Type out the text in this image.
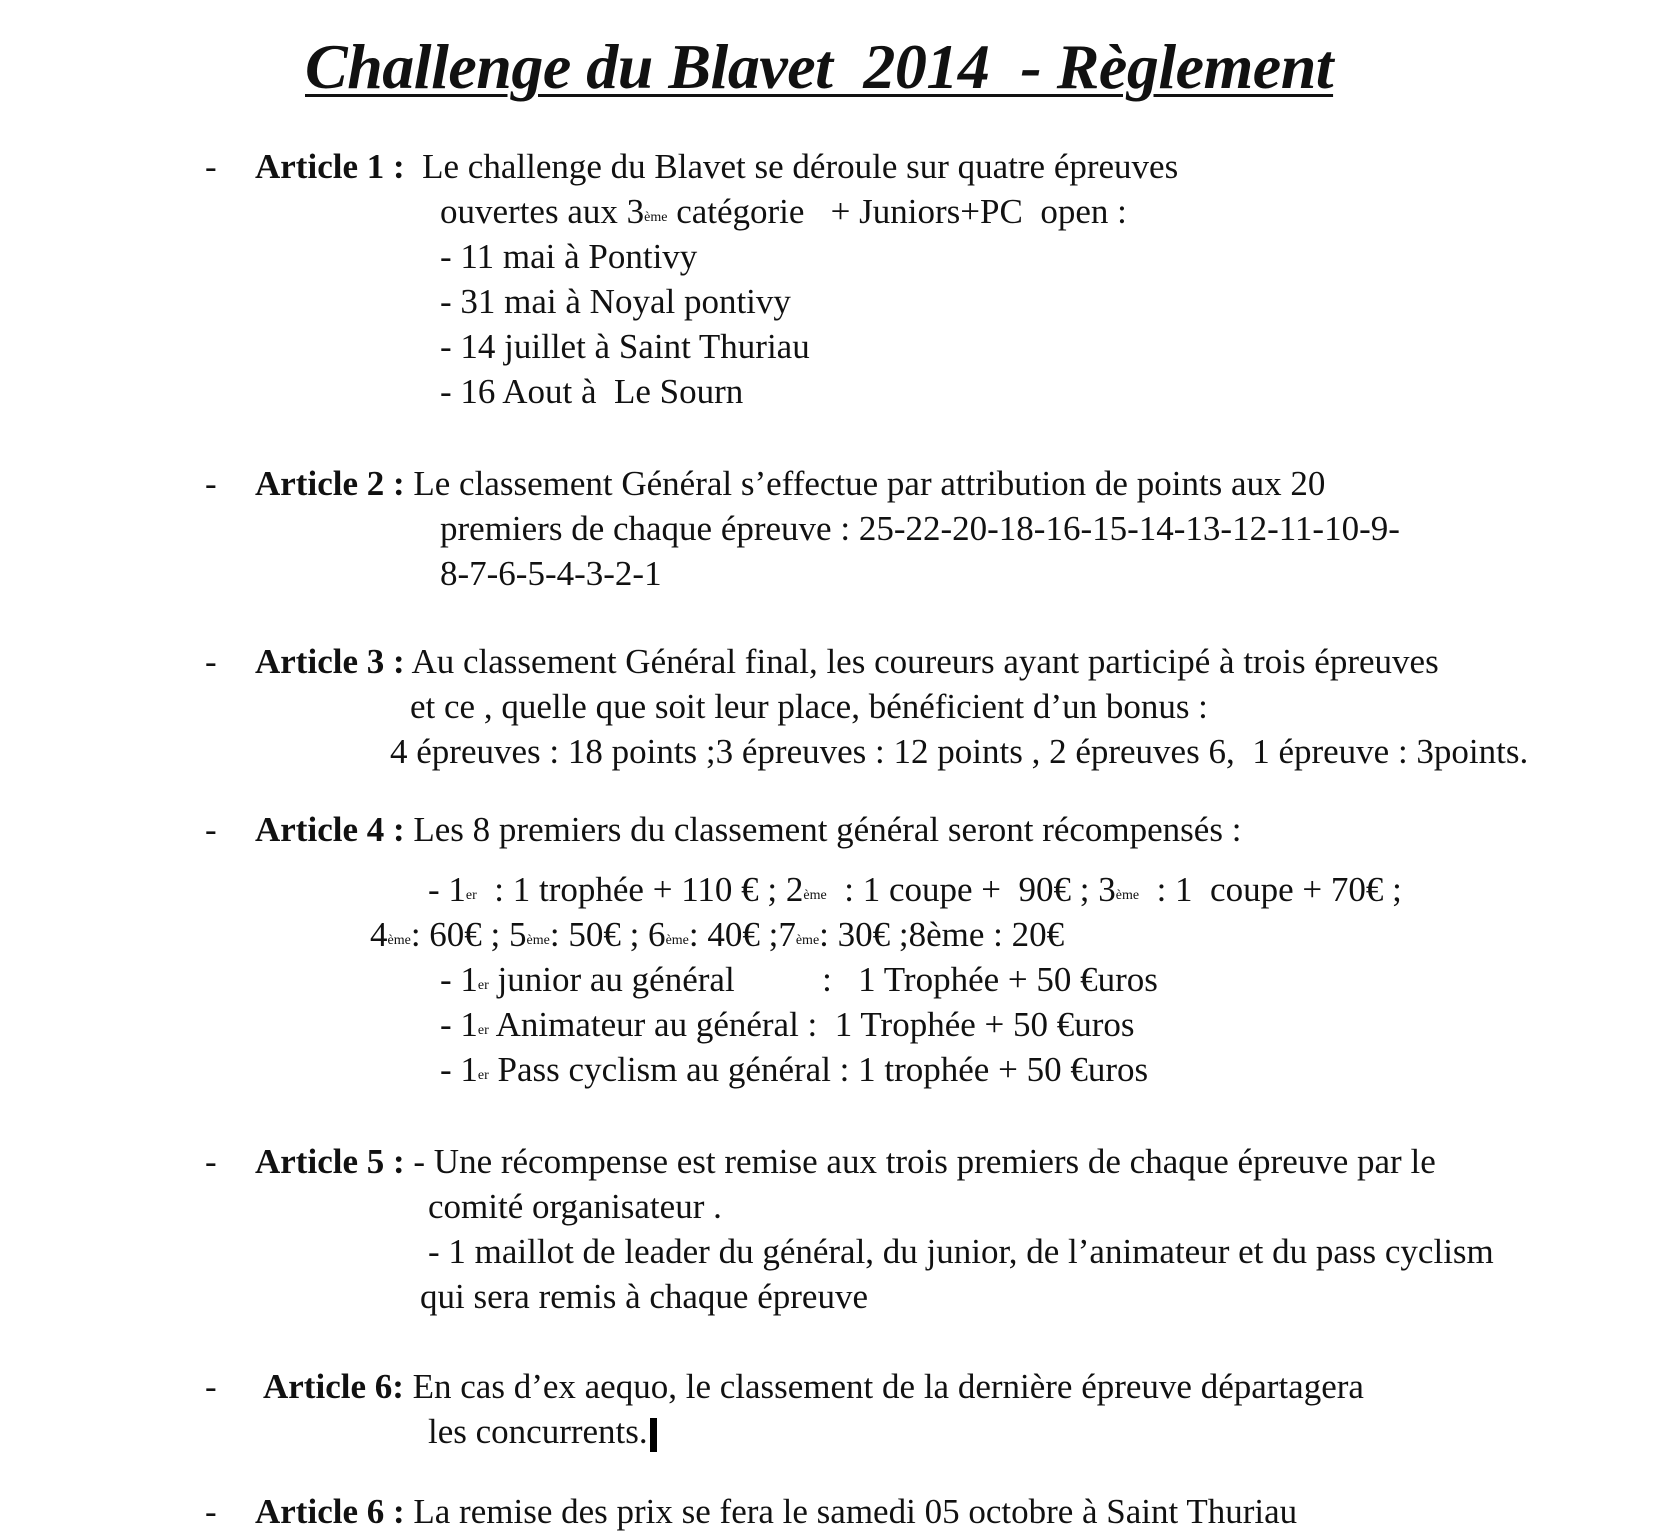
Challenge du Blavet  2014  - Règlement
- Article 1 : Le challenge du Blavet se déroule sur quatre épreuves
ouvertes aux 3ème catégorie   + Juniors+PC  open :
- 11 mai à Pontivy
- 31 mai à Noyal pontivy
- 14 juillet à Saint Thuriau
- 16 Aout à  Le Sourn
- Article 2 : Le classement Général s’effectue par attribution de points aux 20
premiers de chaque épreuve : 25-22-20-18-16-15-14-13-12-11-10-9-
8-7-6-5-4-3-2-1
- Article 3 : Au classement Général final, les coureurs ayant participé à trois épreuves
et ce , quelle que soit leur place, bénéficient d’un bonus :
4 épreuves : 18 points ;3 épreuves : 12 points , 2 épreuves 6,  1 épreuve : 3points.
- Article 4 : Les 8 premiers du classement général seront récompensés :
- 1er  : 1 trophée + 110 € ; 2ème  : 1 coupe +  90€ ; 3ème  : 1  coupe + 70€ ;
4ème: 60€ ; 5ème: 50€ ; 6ème: 40€ ;7ème: 30€ ;8ème : 20€
- 1er junior au général          :   1 Trophée + 50 €uros
- 1er Animateur au général :  1 Trophée + 50 €uros
- 1er Pass cyclism au général : 1 trophée + 50 €uros
- Article 5 : - Une récompense est remise aux trois premiers de chaque épreuve par le
comité organisateur .
- 1 maillot de leader du général, du junior, de l’animateur et du pass cyclism
qui sera remis à chaque épreuve
- Article 6: En cas d’ex aequo, le classement de la dernière épreuve départagera
les concurrents.
- Article 6 : La remise des prix se fera le samedi 05 octobre à Saint Thuriau
